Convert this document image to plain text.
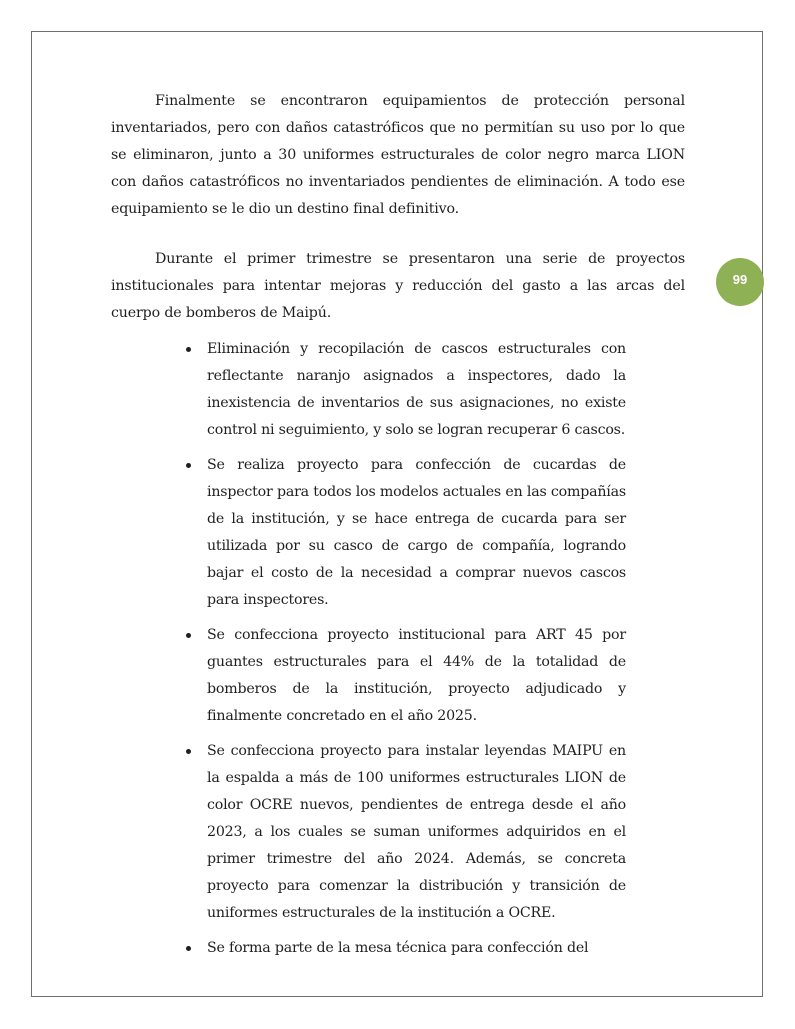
Finalmente se encontraron equipamientos de protección personal inventariados, pero con daños catastróficos que no permitían su uso por lo que se eliminaron, junto a 30 uniformes estructurales de color negro marca LION con daños catastróficos no inventariados pendientes de eliminación. A todo ese equipamiento se le dio un destino final definitivo.

Durante el primer trimestre se presentaron una serie de proyectos institucionales para intentar mejoras y reducción del gasto a las arcas del cuerpo de bomberos de Maipú.

Eliminación y recopilación de cascos estructurales con reflectante naranjo asignados a inspectores, dado la inexistencia de inventarios de sus asignaciones, no existe control ni seguimiento, y solo se logran recuperar 6 cascos.
Se realiza proyecto para confección de cucardas de inspector para todos los modelos actuales en las compañías de la institución, y se hace entrega de cucarda para ser utilizada por su casco de cargo de compañía, logrando bajar el costo de la necesidad a comprar nuevos cascos para inspectores.
Se confecciona proyecto institucional para ART 45 por guantes estructurales para el 44% de la totalidad de bomberos de la institución, proyecto adjudicado y finalmente concretado en el año 2025.
Se confecciona proyecto para instalar leyendas MAIPU en la espalda a más de 100 uniformes estructurales LION de color OCRE nuevos, pendientes de entrega desde el año 2023, a los cuales se suman uniformes adquiridos en el primer trimestre del año 2024. Además, se concreta proyecto para comenzar la distribución y transición de uniformes estructurales de la institución a OCRE.
Se forma parte de la mesa técnica para confección del
99
